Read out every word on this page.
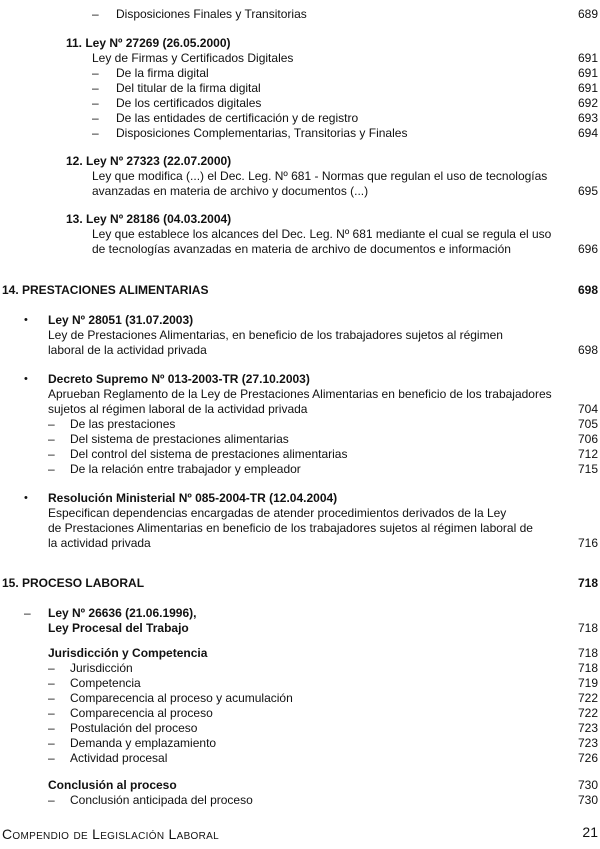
– Disposiciones Finales y Transitorias	689
11. Ley Nº 27269 (26.05.2000)
Ley de Firmas y Certificados Digitales	691
– De la firma digital	691
– Del titular de la firma digital	691
– De los certificados digitales	692
– De las entidades de certificación y de registro	693
– Disposiciones Complementarias, Transitorias y Finales	694
12. Ley Nº 27323 (22.07.2000)
Ley que modifica (...) el Dec. Leg. Nº 681 - Normas que regulan el uso de tecnologías
avanzadas en materia de archivo y documentos (...)	695
13. Ley Nº 28186 (04.03.2004)
Ley que establece los alcances del Dec. Leg. Nº 681 mediante el cual se regula el uso
de tecnologías avanzadas en materia de archivo de documentos e información	696
14. PRESTACIONES ALIMENTARIAS	698
• Ley Nº 28051 (31.07.2003)
Ley de Prestaciones Alimentarias, en beneficio de los trabajadores sujetos al régimen
laboral de la actividad privada	698
• Decreto Supremo Nº 013-2003-TR (27.10.2003)
Aprueban Reglamento de la Ley de Prestaciones Alimentarias en beneficio de los trabajadores
sujetos al régimen laboral de la actividad privada	704
– De las prestaciones	705
– Del sistema de prestaciones alimentarias	706
– Del control del sistema de prestaciones alimentarias	712
– De la relación entre trabajador y empleador	715
• Resolución Ministerial Nº 085-2004-TR (12.04.2004)
Especifican dependencias encargadas de atender procedimientos derivados de la Ley
de Prestaciones Alimentarias en beneficio de los trabajadores sujetos al régimen laboral de
la actividad privada	716
15. PROCESO LABORAL	718
– Ley Nº 26636 (21.06.1996),
Ley Procesal del Trabajo	718
Jurisdicción y Competencia	718
– Jurisdicción	718
– Competencia	719
– Comparecencia al proceso y acumulación	722
– Comparecencia al proceso	722
– Postulación del proceso	723
– Demanda y emplazamiento	723
– Actividad procesal	726
Conclusión al proceso	730
– Conclusión anticipada del proceso	730
Compendio de Legislación Laboral	21
